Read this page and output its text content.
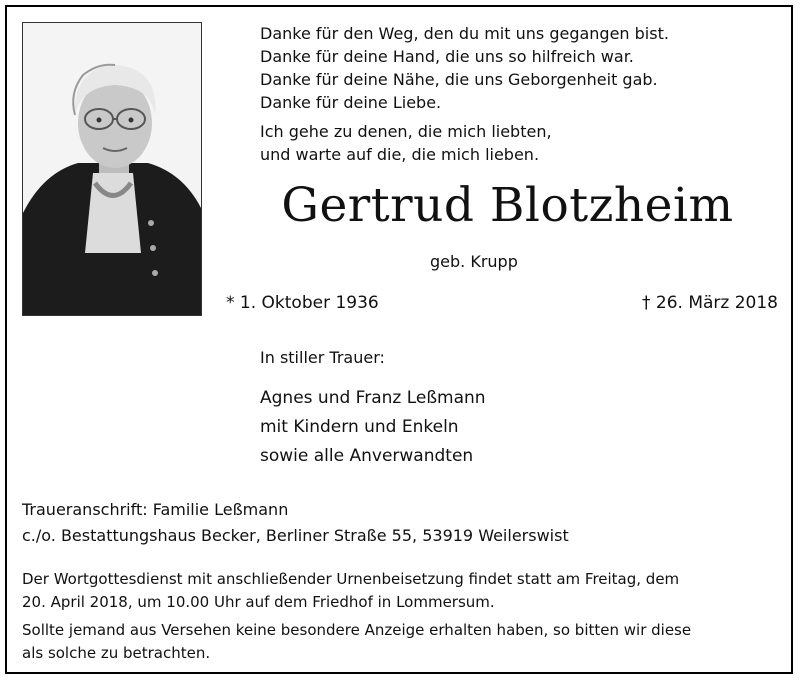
Danke für den Weg, den du mit uns gegangen bist.
Danke für deine Hand, die uns so hilfreich war.
Danke für deine Nähe, die uns Geborgenheit gab.
Danke für deine Liebe.
Ich gehe zu denen, die mich liebten,
und warte auf die, die mich lieben.
Gertrud Blotzheim
geb. Krupp
* 1. Oktober 1936	† 26. März 2018
In stiller Trauer:
Agnes und Franz Leßmann
mit Kindern und Enkeln
sowie alle Anverwandten
Traueranschrift: Familie Leßmann
c./o. Bestattungshaus Becker, Berliner Straße 55, 53919 Weilerswist
Der Wortgottesdienst mit anschließender Urnenbeisetzung findet statt am Freitag, dem
20. April 2018, um 10.00 Uhr auf dem Friedhof in Lommersum.
Sollte jemand aus Versehen keine besondere Anzeige erhalten haben, so bitten wir diese
als solche zu betrachten.
